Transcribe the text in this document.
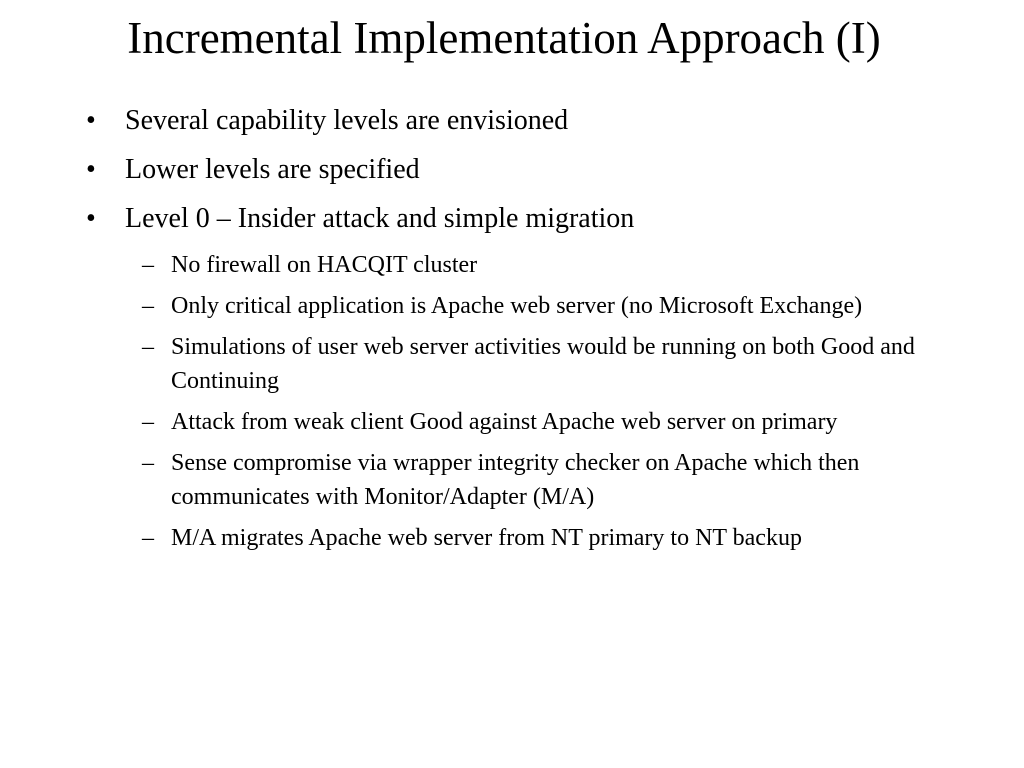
Incremental Implementation Approach (I)
• Several capability levels are envisioned
• Lower levels are specified
• Level 0 – Insider attack and simple migration
– No firewall on HACQIT cluster
– Only critical application is Apache web server (no Microsoft Exchange)
– Simulations of user web server activities would be running on both Good and Continuing
– Attack from weak client Good against Apache web server on primary
– Sense compromise via wrapper integrity checker on Apache which then communicates with Monitor/Adapter (M/A)
– M/A migrates Apache web server from NT primary to NT backup
